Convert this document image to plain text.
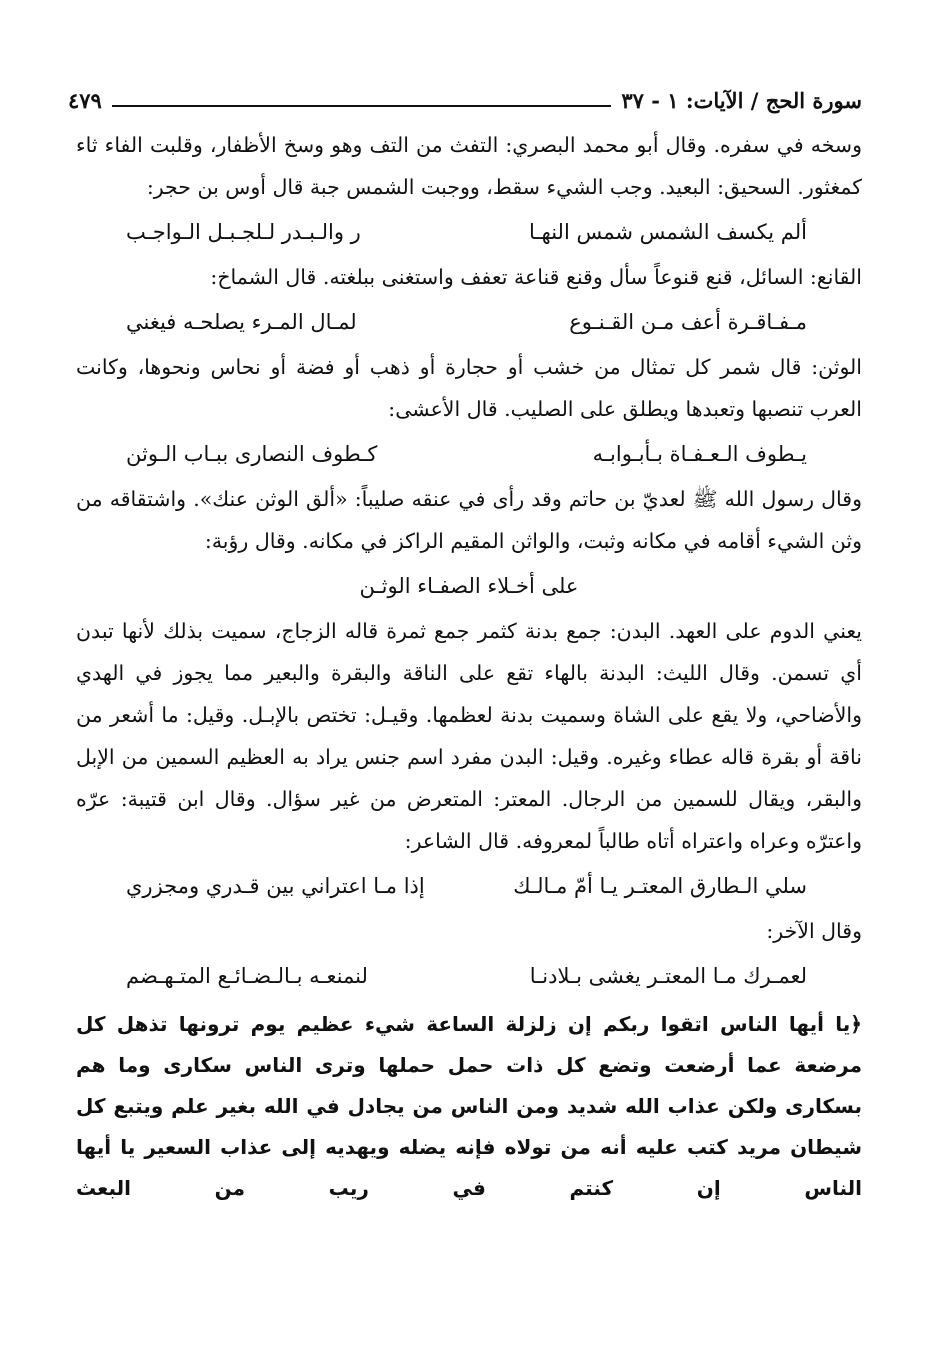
سورة الحج / الآيات: ١ - ٣٧
٤٧٩

وسخه في سفره. وقال أبو محمد البصري: التفث من التف وهو وسخ الأظفار، وقلبت الفاء ثاء كمغثور. السحيق: البعيد. وجب الشيء سقط، ووجبت الشمس جبة قال أوس بن حجر:

ألم يكسف الشمس شمس النهـا
ر والـبـدر لـلجـبـل الـواجـب

القانع: السائل، قنع قنوعاً سأل وقنع قناعة تعفف واستغنى ببلغته. قال الشماخ:

مـفـاقـرة أعف مـن القـنـوع
لمـال المـرء يصلحـه فيغني

الوثن: قال شمر كل تمثال من خشب أو حجارة أو ذهب أو فضة أو نحاس ونحوها، وكانت العرب تنصبها وتعبدها ويطلق على الصليب. قال الأعشى:

يـطوف الـعـفـاة بـأبـوابـه
كـطوف النصارى ببـاب الـوثن

وقال رسول الله ﷺ لعديّ بن حاتم وقد رأى في عنقه صليباً: «ألق الوثن عنك». واشتقاقه من وثن الشيء أقامه في مكانه وثبت، والواثن المقيم الراكز في مكانه. وقال رؤبة:

على أخـلاء الصفـاء الوثـن

يعني الدوم على العهد. البدن: جمع بدنة كثمر جمع ثمرة قاله الزجاج، سميت بذلك لأنها تبدن أي تسمن. وقال الليث: البدنة بالهاء تقع على الناقة والبقرة والبعير مما يجوز في الهدي والأضاحي، ولا يقع على الشاة وسميت بدنة لعظمها. وقيـل: تختص بالإبـل. وقيل: ما أشعر من ناقة أو بقرة قاله عطاء وغيره. وقيل: البدن مفرد اسم جنس يراد به العظيم السمين من الإبل والبقر، ويقال للسمين من الرجال. المعتر: المتعرض من غير سؤال. وقال ابن قتيبة: عرّه واعترّه وعراه واعتراه أتاه طالباً لمعروفه. قال الشاعر:

سلي الـطارق المعتـر يـا أمّ مـالـك
إذا مـا اعتراني بين قـدري ومجزري

وقال الآخر:

لعمـرك مـا المعتـر يغشى بـلادنـا
لنمنعـه بـالـضـائـع المتـهـضم

﴿يا أيها الناس اتقوا ربكم إن زلزلة الساعة شيء عظيم يوم ترونها تذهل كل مرضعة عما أرضعت وتضع كل ذات حمل حملها وترى الناس سكارى وما هم بسكارى ولكن عذاب الله شديد ومن الناس من يجادل في الله بغير علم ويتبع كل شيطان مريد كتب عليه أنه من تولاه فإنه يضله ويهديه إلى عذاب السعير يا أيها الناس إن كنتم في ريب من البعث
